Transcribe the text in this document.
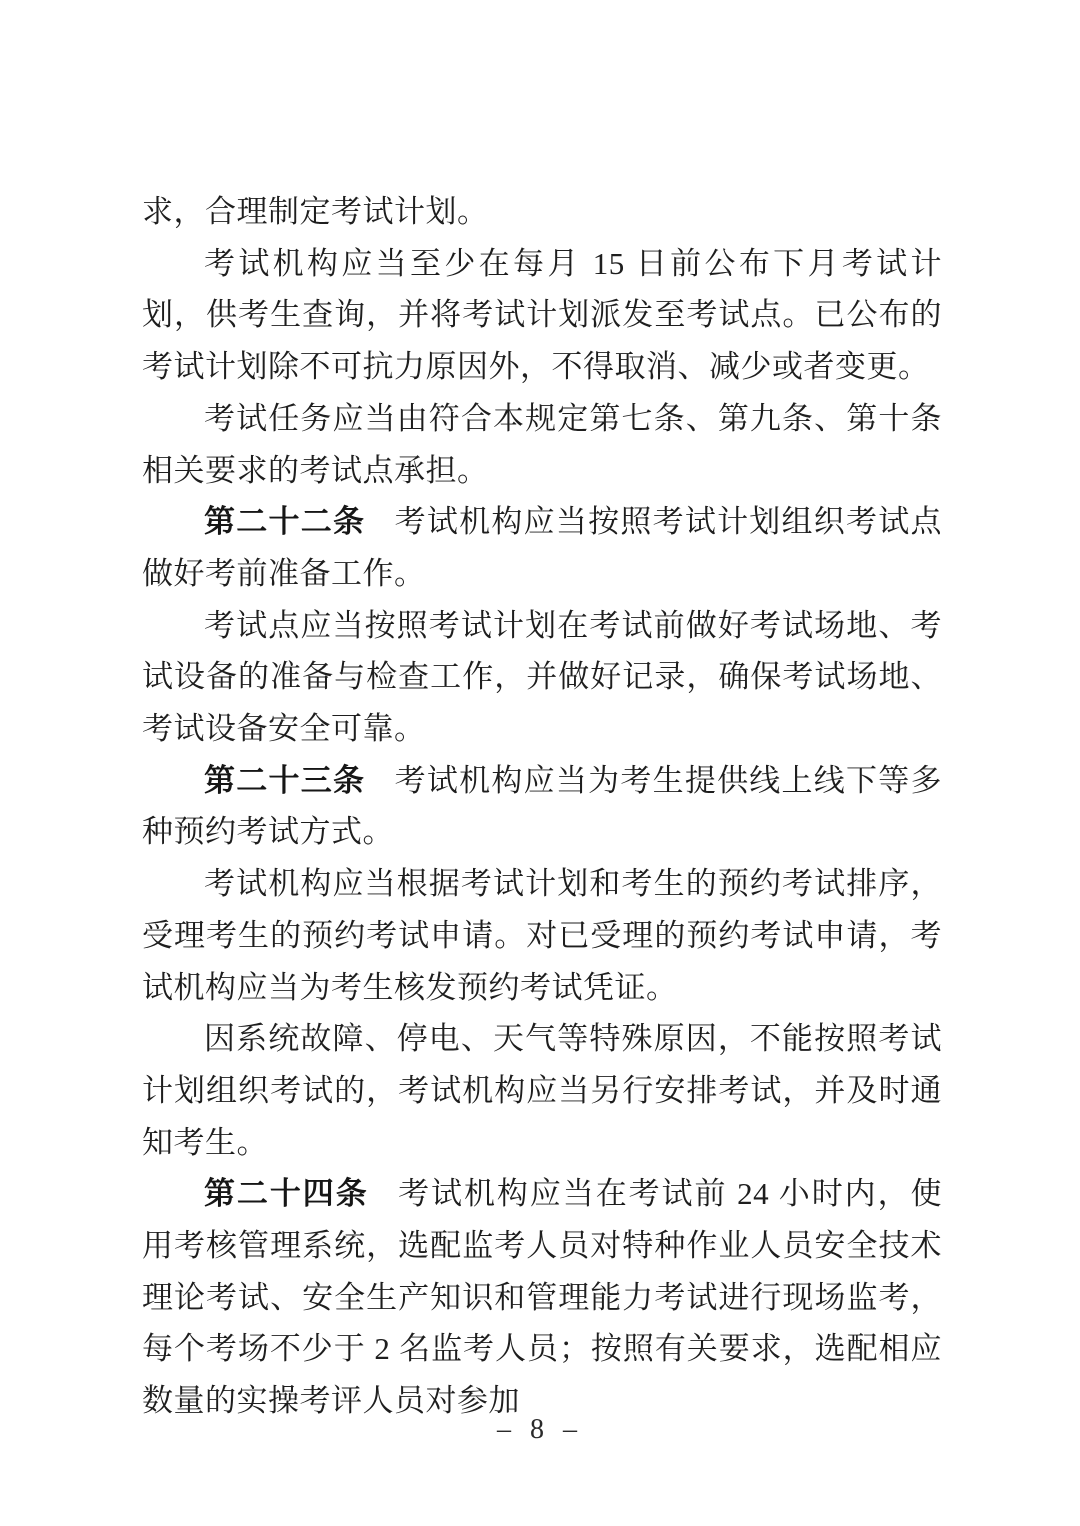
求，合理制定考试计划。

考试机构应当至少在每月 15 日前公布下月考试计划，供考生查询，并将考试计划派发至考试点。已公布的考试计划除不可抗力原因外，不得取消、减少或者变更。

考试任务应当由符合本规定第七条、第九条、第十条相关要求的考试点承担。

第二十二条 考试机构应当按照考试计划组织考试点做好考前准备工作。

考试点应当按照考试计划在考试前做好考试场地、考试设备的准备与检查工作，并做好记录，确保考试场地、考试设备安全可靠。

第二十三条 考试机构应当为考生提供线上线下等多种预约考试方式。

考试机构应当根据考试计划和考生的预约考试排序，受理考生的预约考试申请。对已受理的预约考试申请，考试机构应当为考生核发预约考试凭证。

因系统故障、停电、天气等特殊原因，不能按照考试计划组织考试的，考试机构应当另行安排考试，并及时通知考生。

第二十四条 考试机构应当在考试前 24 小时内，使用考核管理系统，选配监考人员对特种作业人员安全技术理论考试、安全生产知识和管理能力考试进行现场监考，每个考场不少于 2 名监考人员；按照有关要求，选配相应数量的实操考评人员对参加

– 8 –
